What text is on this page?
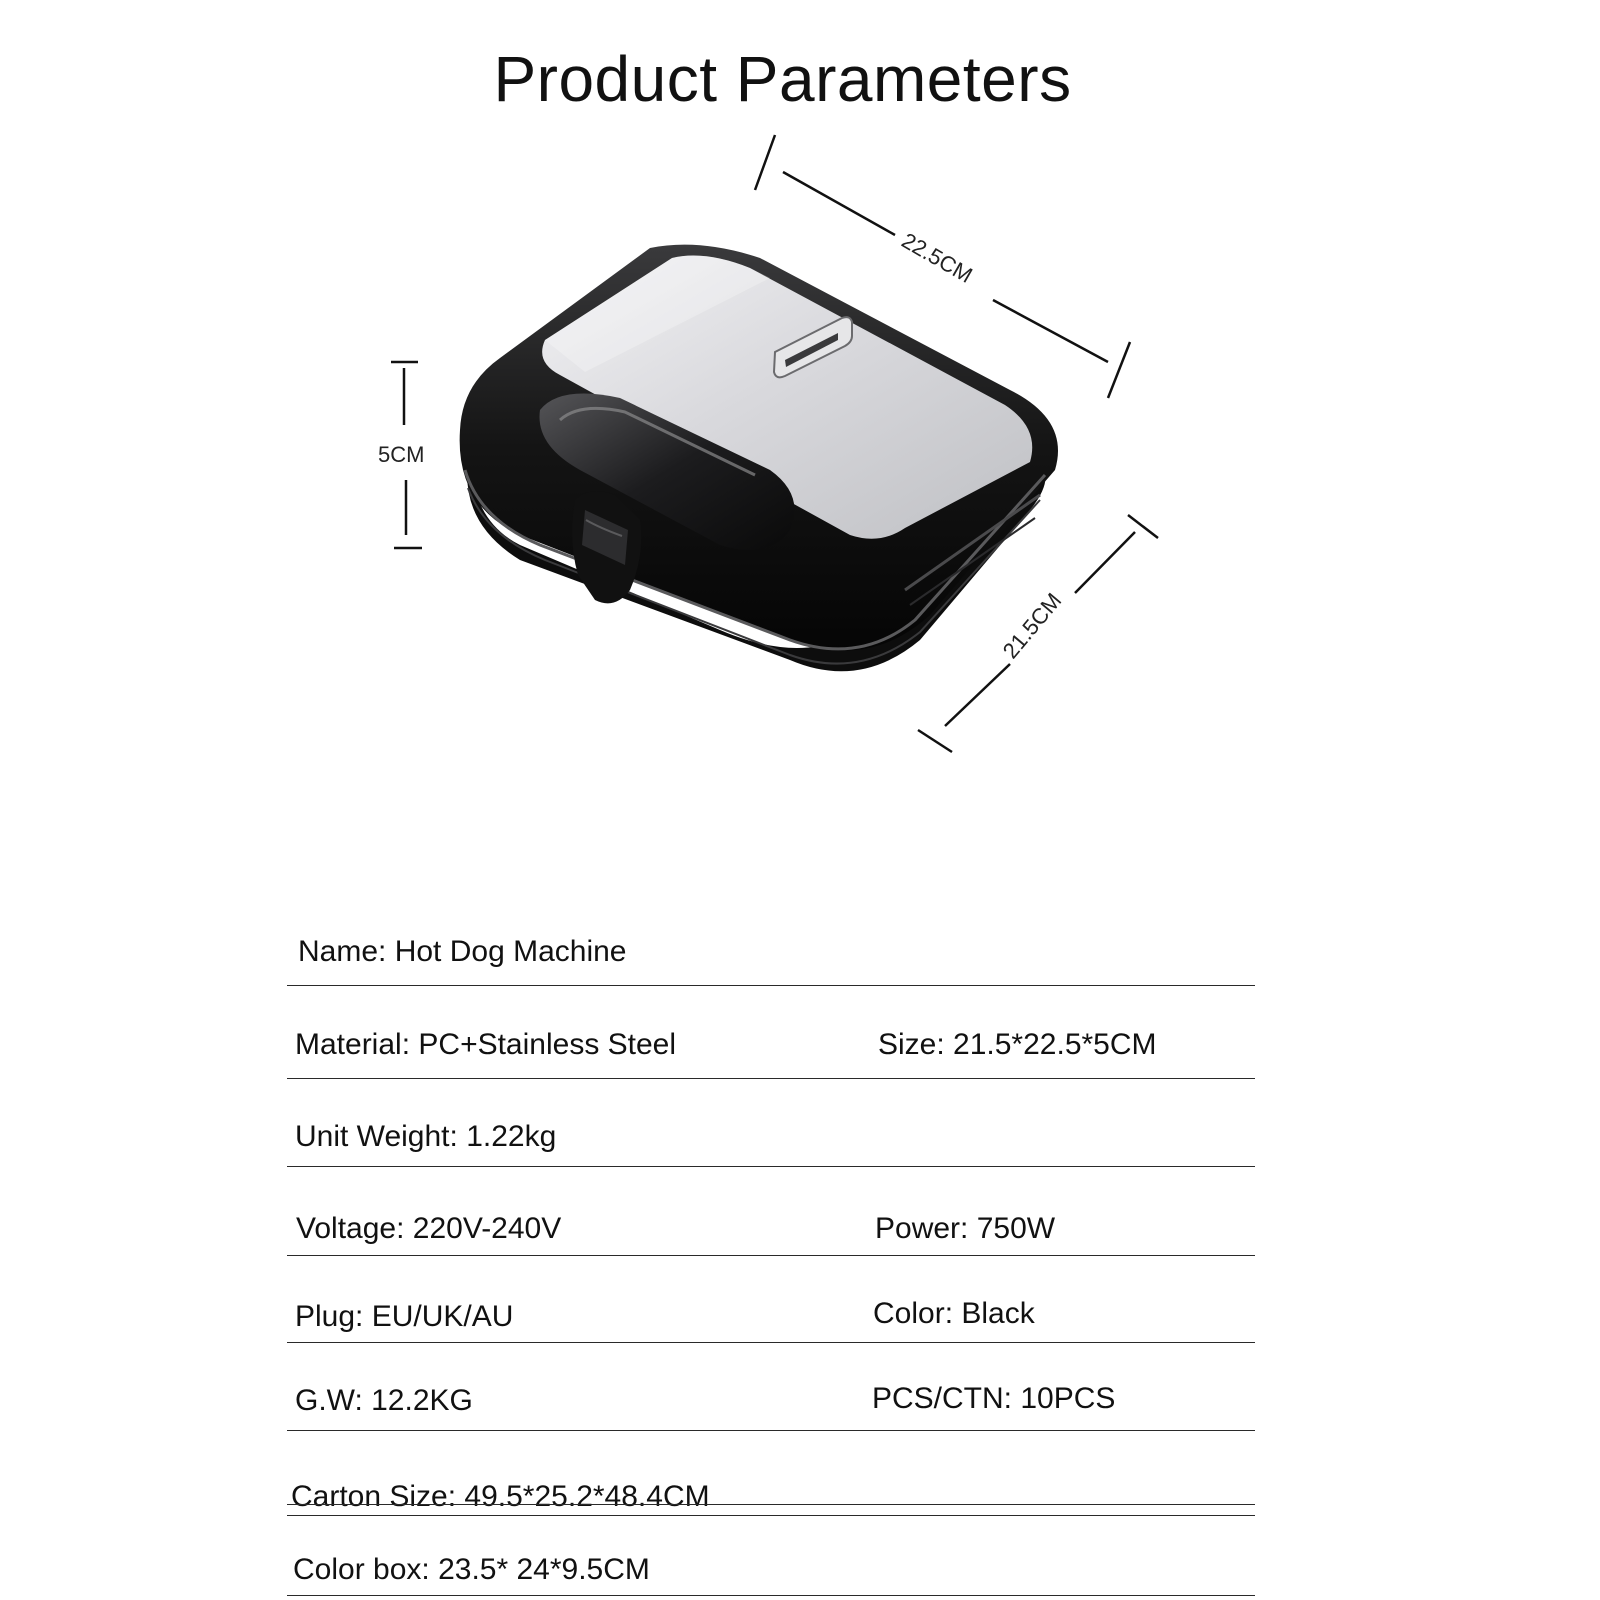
Product Parameters
22.5CM
5CM
21.5CM
Name: Hot Dog Machine
Material: PC+Stainless Steel	Size: 21.5*22.5*5CM
Unit Weight: 1.22kg
Voltage: 220V-240V	Power: 750W
Plug: EU/UK/AU	Color: Black
G.W: 12.2KG	PCS/CTN: 10PCS
Carton Size: 49.5*25.2*48.4CM
Color box: 23.5* 24*9.5CM
